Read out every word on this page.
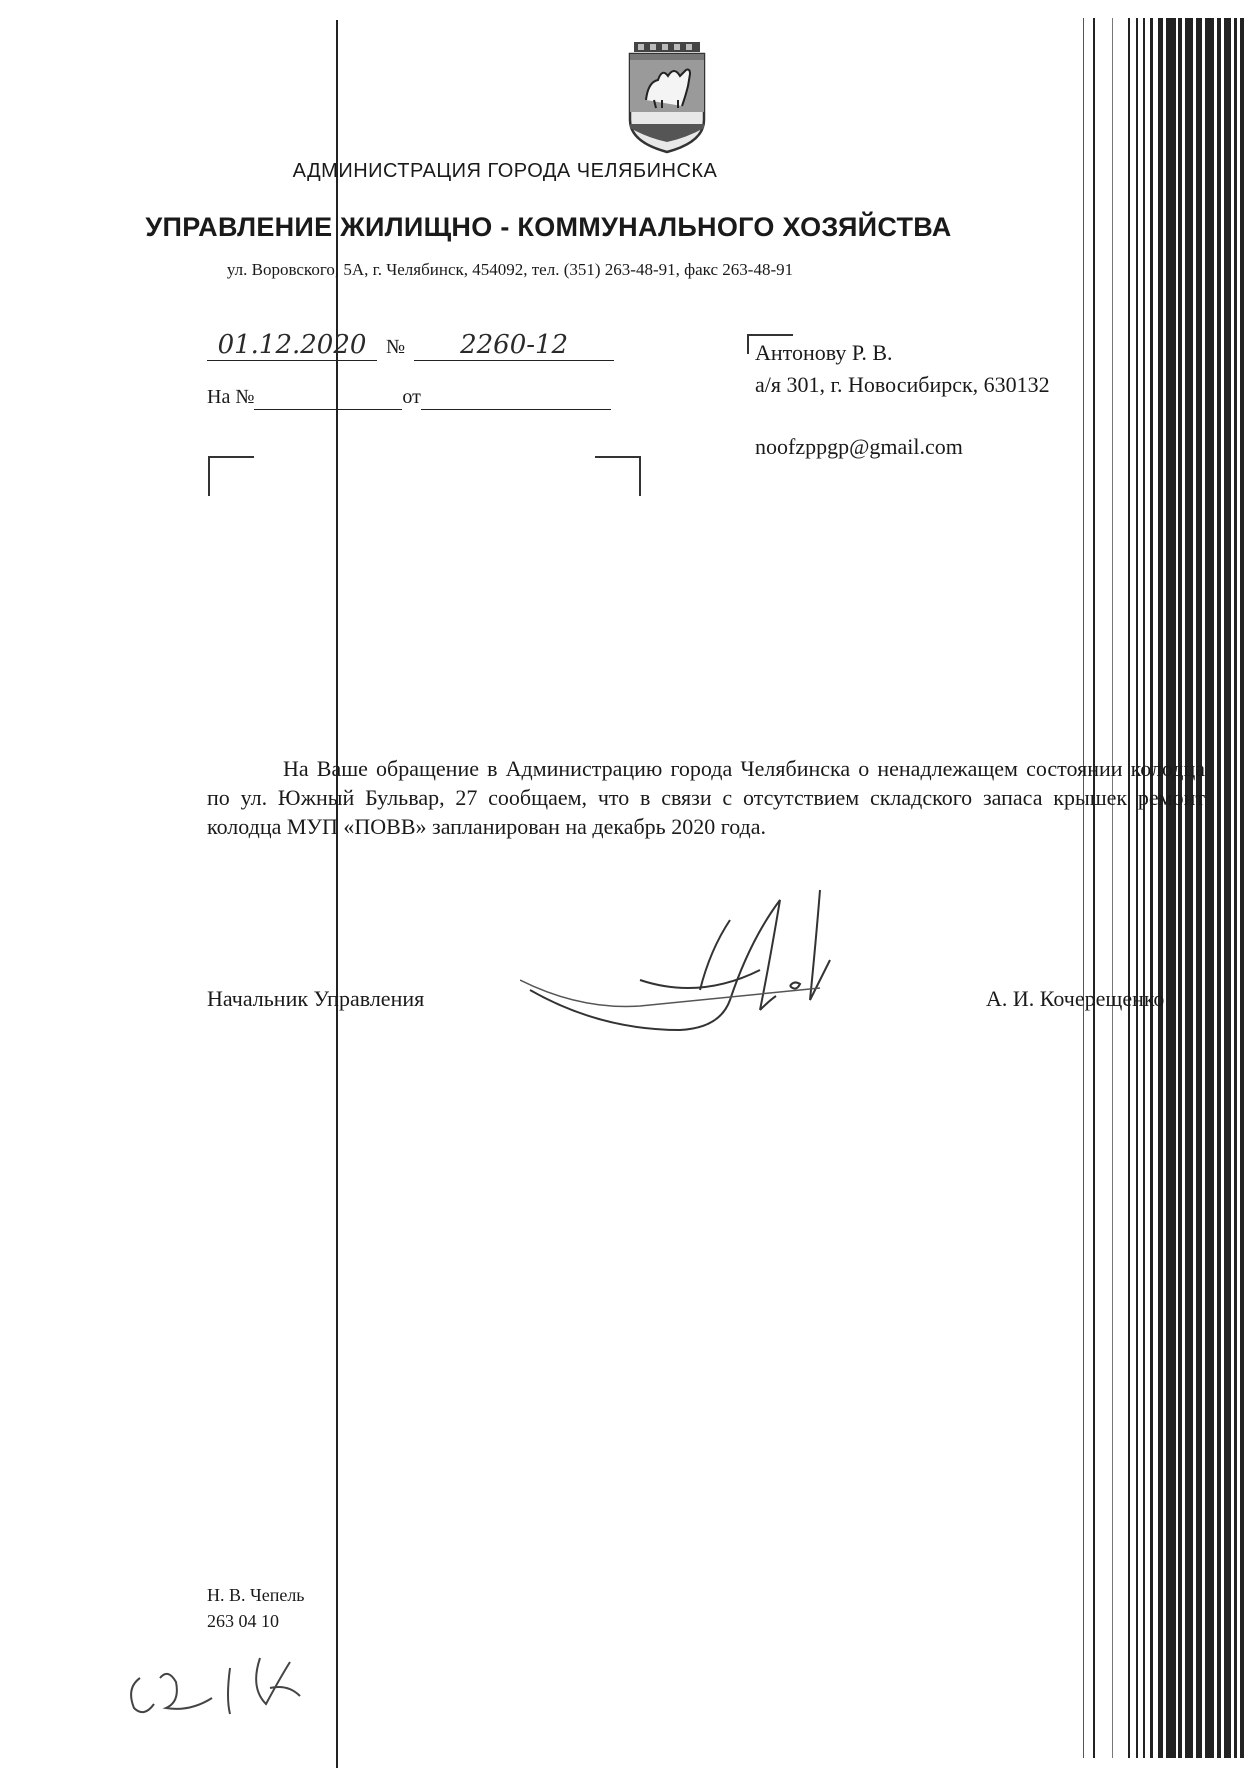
АДМИНИСТРАЦИЯ ГОРОДА ЧЕЛЯБИНСКА
УПРАВЛЕНИЕ ЖИЛИЩНО - КОММУНАЛЬНОГО ХОЗЯЙСТВА
ул. Воровского, 5А, г. Челябинск, 454092, тел. (351) 263-48-91, факс 263-48-91
01.12.2020 № 2260-12
На №	от
Антонову Р. В.
а/я 301, г. Новосибирск, 630132
noofzppgp@gmail.com

На Ваше обращение в Администрацию города Челябинска о ненадлежащем состоянии колодца по ул. Южный Бульвар, 27 сообщаем, что в связи с отсутствием складского запаса крышек ремонт колодца МУП «ПОВВ» запланирован на декабрь 2020 года.

Начальник Управления	А. И. Кочерещенко
Н. В. Чепель
263 04 10
